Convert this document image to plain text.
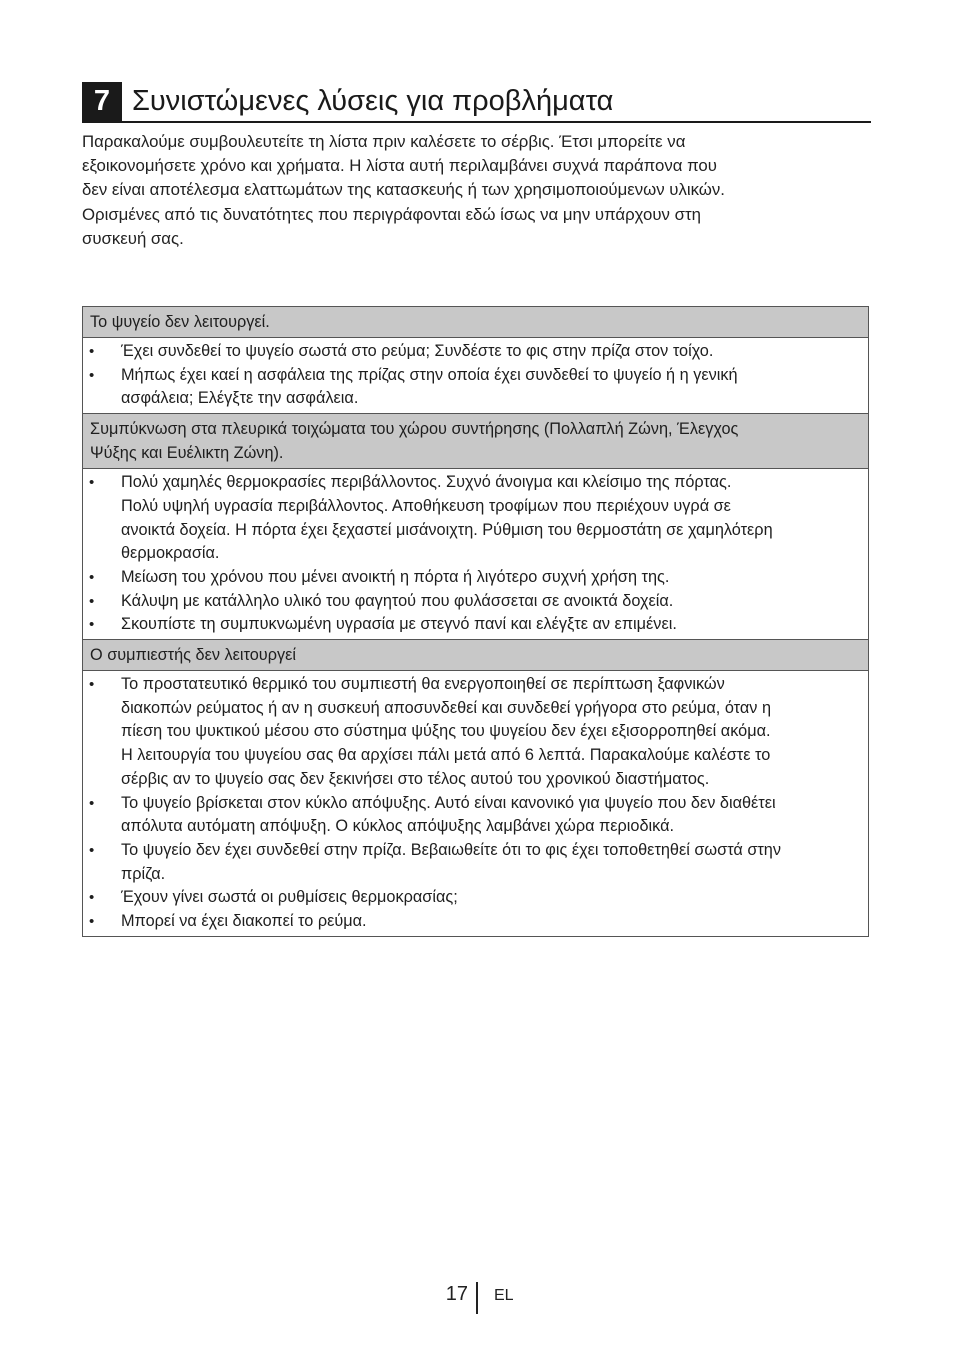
7 Συνιστώμενες λύσεις για προβλήματα

Παρακαλούμε συμβουλευτείτε τη λίστα πριν καλέσετε το σέρβις. Έτσι μπορείτε να
εξοικονομήσετε χρόνο και χρήματα. Η λίστα αυτή περιλαμβάνει συχνά παράπονα που
δεν είναι αποτέλεσμα ελαττωμάτων της κατασκευής ή των χρησιμοποιούμενων υλικών.
Ορισμένες από τις δυνατότητες που περιγράφονται εδώ ίσως να μην υπάρχουν στη
συσκευή σας.

Το ψυγείο δεν λειτουργεί.
•	Έχει συνδεθεί το ψυγείο σωστά στο ρεύμα; Συνδέστε το φις στην πρίζα στον τοίχο.
•	Μήπως έχει καεί η ασφάλεια της πρίζας στην οποία έχει συνδεθεί το ψυγείο ή η γενική
ασφάλεια; Ελέγξτε την ασφάλεια.
Συμπύκνωση στα πλευρικά τοιχώματα του χώρου συντήρησης (Πολλαπλή Ζώνη, Έλεγχος
Ψύξης και Ευέλικτη Ζώνη).
•	Πολύ χαμηλές θερμοκρασίες περιβάλλοντος. Συχνό άνοιγμα και κλείσιμο της πόρτας.
Πολύ υψηλή υγρασία περιβάλλοντος. Αποθήκευση τροφίμων που περιέχουν υγρά σε
ανοικτά δοχεία. Η πόρτα έχει ξεχαστεί μισάνοιχτη. Ρύθμιση του θερμοστάτη σε χαμηλότερη
θερμοκρασία.
•	Μείωση του χρόνου που μένει ανοικτή η πόρτα ή λιγότερο συχνή χρήση της.
•	Κάλυψη με κατάλληλο υλικό του φαγητού που φυλάσσεται σε ανοικτά δοχεία.
•	Σκουπίστε τη συμπυκνωμένη υγρασία με στεγνό πανί και ελέγξτε αν επιμένει.
Ο συμπιεστής δεν λειτουργεί
•	Το προστατευτικό θερμικό του συμπιεστή θα ενεργοποιηθεί σε περίπτωση ξαφνικών
διακοπών ρεύματος ή αν η συσκευή αποσυνδεθεί και συνδεθεί γρήγορα στο ρεύμα, όταν η
πίεση του ψυκτικού μέσου στο σύστημα ψύξης του ψυγείου δεν έχει εξισορροπηθεί ακόμα.
Η λειτουργία του ψυγείου σας θα αρχίσει πάλι μετά από 6 λεπτά. Παρακαλούμε καλέστε το
σέρβις αν το ψυγείο σας δεν ξεκινήσει στο τέλος αυτού του χρονικού διαστήματος.
•	Το ψυγείο βρίσκεται στον κύκλο απόψυξης. Αυτό είναι κανονικό για ψυγείο που δεν διαθέτει
απόλυτα αυτόματη απόψυξη. Ο κύκλος απόψυξης λαμβάνει χώρα περιοδικά.
•	Το ψυγείο δεν έχει συνδεθεί στην πρίζα. Βεβαιωθείτε ότι το φις έχει τοποθετηθεί σωστά στην
πρίζα.
•	Έχουν γίνει σωστά οι ρυθμίσεις θερμοκρασίας;
•	Μπορεί να έχει διακοπεί το ρεύμα.
17 EL
